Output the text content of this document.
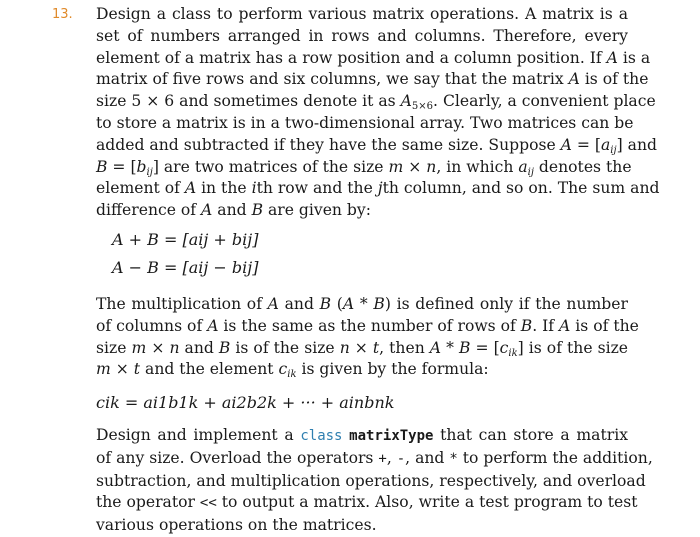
13. Design a class to perform various matrix operations. A matrix is a
set of numbers arranged in rows and columns. Therefore, every
element of a matrix has a row position and a column position. If A is a
matrix of five rows and six columns, we say that the matrix A is of the
size 5 × 6 and sometimes denote it as $A_{5\times 6}$. Clearly, a convenient place
to store a matrix is in a two-dimensional array. Two matrices can be
added and subtracted if they have the same size. Suppose $A = [a_{ij}]$ and
$B = [b_{ij}]$ are two matrices of the size m × n, in which $a_{ij}$ denotes the
element of A in the ith row and the jth column, and so on. The sum and
difference of A and B are given by:
A + B = [aij + bij]
A − B = [aij − bij]
The multiplication of A and B (A * B) is defined only if the number
of columns of A is the same as the number of rows of B. If A is of the
size m × n and B is of the size n × t, then $A * B = [c_{ik}]$ is of the size
m × t and the element $c_{ik}$ is given by the formula:
cik = ai1b1k + ai2b2k + ··· + ainbnk
Design and implement a class matrixType that can store a matrix
of any size. Overload the operators +, -, and * to perform the addition,
subtraction, and multiplication operations, respectively, and overload
the operator << to output a matrix. Also, write a test program to test
various operations on the matrices.
